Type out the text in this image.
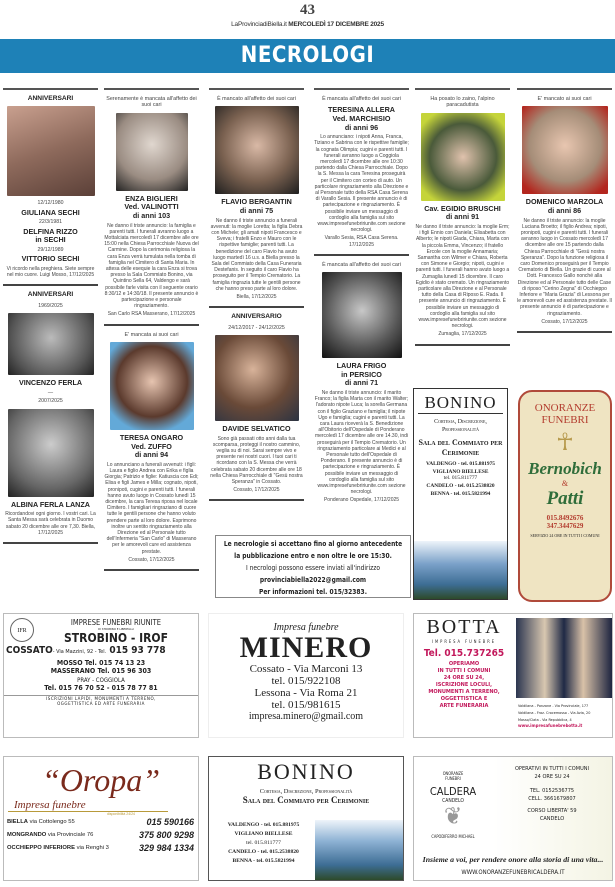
43
LaProvinciadiBiella.it MERCOLEDÌ 17 DICEMBRE 2025
NECROLOGI
ANNIVERSARI
12/12/1980
GIULIANA SECHI
22/3/1981
DELFINA RIZZO
in SECHI
29/12/1989
VITTORIO SECHI
Vi ricordo nella preghiera. Siete sempre nel mio cuore. Luigi Mosso, 17/12/2025
ANNIVERSARI
1969/2025
VINCENZO FERLA
—
2007/2025
ALBINA FERLA LANZA
Ricordandovi ogni giorno. I vostri cari. La Santa Messa sarà celebrata in Duomo sabato 20 dicembre alle ore 7,30. Biella, 17/12/2025
Serenamente è mancata all'affetto dei suoi cari
ENZA BIGLIERI
Ved. VALINOTTI
di anni 103
Ne danno il triste annuncio: la famiglia e parenti tutti. I funerali avranno luogo a Mottalciata mercoledì 17 dicembre alle ore 15:00 nella Chiesa Parrocchiale Nuova del Carmine. Dopo la cerimonia religiosa la cara Enza verrà tumulata nella tomba di famiglia nel Cimitero di Santa Maria. In attesa delle esequie la cara Enza si trova presso la Sala Commiato Bonino, via Quintino Sella 64, Valdengo e sarà possibile farle visita con il seguente orario 8:30/12 e 14:30/18. Il presente annuncio è partecipazione e personale ringraziamento.
San Carlo RSA Masserano, 17/12/2025
E' mancata ai suoi cari
TERESA ONGARO
Ved. ZUFFO
di anni 94
Lo annunciano a funerali avvenuti: i figli: Laura e figlio Andrea con Erika e figlia Giorgia; Patrizio e figlie: Katiuscia con Edi; Elisa e figli James e Milla; cognato, nipoti, pronipoti, cugini e parenti tutti. I funerali hanno avuto luogo in Cossato lunedì 15 dicembre, la cara Teresa riposa nel locale Cimitero. I famigliari ringraziano di cuore tutte le gentili persone che hanno voluto prendere parte al loro dolore. Esprimono inoltre un sentito ringraziamento alla Direzione ed al Personale tutto dell'Infermeria "San Carlo" di Masserano per le amorevoli cure ed assistenza prestate.
Cossato, 17/12/2025
È mancato all'affetto dei suoi cari
FLAVIO BERGANTIN
di anni 75
Ne danno il triste annuncio a funerali avvenuti: la moglie Loretta; la figlia Debra con Michele; gli amati nipoti Francesco e Sveva; i fratelli Enzo e Mauro con le rispettive famiglie; parenti tutti. La benedizione del caro Flavio ha avuto luogo martedì 16 u.s. a Biella presso la Sala del Commiato della Casa Funeraria Destefanis. In seguito il caro Flavio ha proseguito per il Tempio Crematorio. La famiglia ringrazia tutte le gentili persone che hanno preso parte al loro dolore.
Biella, 17/12/2025
ANNIVERSARIO
24/12/2017 - 24/12/2025
DAVIDE SELVATICO
Sono già passati otto anni dalla tua scomparsa, proteggi il nostro cammino, veglia su di noi. Sarai sempre vivo e presente nei nostri cuori. I tuoi cari ti ricordano con la S. Messa che verrà celebrata sabato 20 dicembre alle ore 18 nella Chiesa Parrocchiale di "Gesù nostra Speranza" in Cossato.
Cossato, 17/12/2025
È mancata all'affetto dei suoi cari
TERESINA ALLERA
Ved. MARCHISIO
di anni 96
Lo annunciano: i nipoti Anna, Franca, Tiziano e Sabrina con le rispettive famiglie; la cognata Olimpia; cugini e parenti tutti. I funerali avranno luogo a Coggiola mercoledì 17 dicembre alle ore 10:30 partendo dalla Chiesa Parrocchiale. Dopo la S. Messa la cara Teresina proseguirà per il Cimitero con corteo di auto. Un particolare ringraziamento alla Direzione e al Personale tutto della RSA Casa Serena di Varallo Sesia. Il presente annuncio è di partecipazione e ringraziamento. È possibile inviare un messaggio di cordoglio alla famiglia sul sito www.impresefunebririunite.com sezione necrologi.
Varallo Sesia, RSA Casa Serena. 17/12/2025
È mancata all'affetto dei suoi cari
LAURA FRIGO
in PERSICO
di anni 71
Ne danno il triste annuncio: il marito Franco; la figlia Marta con il marito Walter; l'adorato nipote Luca; la sorella Germana con il figlio Graziano e famiglia; il nipote Ugo e famiglia; cugini e parenti tutti. La cara Laura riceverà la S. Benedizione all'Obitorio dell'Ospedale di Ponderano mercoledì 17 dicembre alle ore 14.30, indi proseguirà per il Tempio Crematorio. Un ringraziamento particolare ai Medici e al Personale tutto dell'Ospedale di Ponderano. Il presente annuncio è di partecipazione e ringraziamento. È possibile inviare un messaggio di cordoglio alla famiglia sul sito www.impresefunebririunite.com sezione necrologi.
Ponderano Ospedale, 17/12/2025
Ha posato lo zaino, l'alpino paracadutista
Cav. EGIDIO BRUSCHI
di anni 91
Ne danno il triste annuncio: la moglie Erm; i figli Ennio con Daniela; Elisabetta con Alberto; le nipoti Giada, Chiara, Marta con la piccola Emma, Vincenzo; il fratello Ercole con la moglie Annamaria; Samantha con Wilmer e Chiara, Roberta con Simone e Giorgio; nipoti, cugini e parenti tutti. I funerali hanno avuto luogo a Zumaglia lunedì 15 dicembre. Il caro Egidio è stato cremato. Un ringraziamento particolare alla Direzione e al Personale tutto della Casa di Riposo E. Rada. Il presente annuncio di ringraziamento. È possibile inviare un messaggio di cordoglio alla famiglia sul sito www.impresefunebririunite.com sezione necrologi.
Zumaglia, 17/12/2025
E' mancato ai suoi cari
DOMENICO MARZOLA
di anni 86
Ne danno il triste annuncio: la moglie Luciana Broetto; il figlio Andrea; nipoti, pronipoti, cugini e parenti tutti. I funerali avranno luogo in Cossato mercoledì 17 dicembre alle ore 15 partendo dalla Chiesa Parrocchiale di "Gesù nostra Speranza". Dopo la funzione religiosa il caro Domenico proseguirà per il Tempio Crematorio di Biella. Un grazie di cuore al Dott. Francesco Gallo nonché alla Direzione ed al Personale tutto delle Case di riposo "Cerino Zegna" di Occhieppo Inferiore e "Maria Grazia" di Lessona per le amorevoli cure ed assistenza prestate. Il presente annuncio è di partecipazione e ringraziamento.
Cossato, 17/12/2025
Le necrologie si accettano fino al giorno antecedente
la pubblicazione entro e non oltre le ore 15:30.
I necrologi possono essere inviati all'indirizzo
provinciabiella2022@gmail.com
Per informazioni tel. 015/32383.
BONINO
Cortesia, Discrezione, Professionalità
Sala del Commiato per Cerimonie
VALDENGO - tel. 015.881975
VIGLIANO BIELLESE
tel. 015.811777
CANDELO - tel. 015.2538820
BENNA - tel. 015.5821994
ONORANZE FUNEBRI
☥
Bernobich
&
Patti
015.8492676
347.3447629
SERVIZIO 24 ORE IN TUTTI I COMUNI
IFR
IMPRESE FUNEBRI RIUNITE
DI STROBINO E LIBERTALLI
STROBINO - IROF
COSSATO- Via Mazzini, 92 - Tel. 015 93 778
MOSSO Tel. 015 74 13 23
MASSERANO Tel. 015 96 303
PRAY - COGGIOLA
Tel. 015 76 70 52 - 015 78 77 81
ISCRIZIONI LAPIDI, MONUMENTI A TERRENO,
OGGETTISTICA ED ARTE FUNERARIA
Impresa funebre
MINERO
Cossato - Via Marconi 13
tel. 015/922108
Lessona - Via Roma 21
tel. 015/981615
impresa.minero@gmail.com
BOTTA
IMPRESA FUNEBRE
Tel. 015.737265
OPERIAMO
IN TUTTI I COMUNI
24 ORE SU 24,
ISCRIZIONE LOCULI,
MONUMENTI A TERRENO,
OGGETTISTICA E
ARTE FUNERARIA	Valdilana - Ponzone - Via Provinciale, 177
Valdilana - Fraz. Crocemosso - Via Avia, 20
Mosso/Ciata - Via Repubblica, 4
www.impresafunebrebotta.it
“Oropa”
Impresa funebre
disponibilità 24/24
BIELLA via Cottolengo 55	015 590166
MONGRANDO via Provinciale 76	375 800 9298
OCCHIEPPO INFERIORE via Renghi 3	329 984 1334
BONINO
Cortesia, Discrezione, Professionalità
Sala del Commiato per Cerimonie
VALDENGO - tel. 015.881975
VIGLIANO BIELLESE
tel. 015.811777
CANDELO - tel. 015.2538820
BENNA - tel. 015.5821994
ONORANZE FUNEBRI
CALDERA
CANDELO
❦
CAPODIFERRO MICHAEL
OPERATIVI IN TUTTI I COMUNI
24 ORE SU 24
TEL. 0152536775
CELL. 3661679807
CORSO LIBERTA' 59
CANDELO
Insieme a voi, per rendere onore alla storia di una vita...
WWW.ONORANZEFUNEBRICALDERA.IT
